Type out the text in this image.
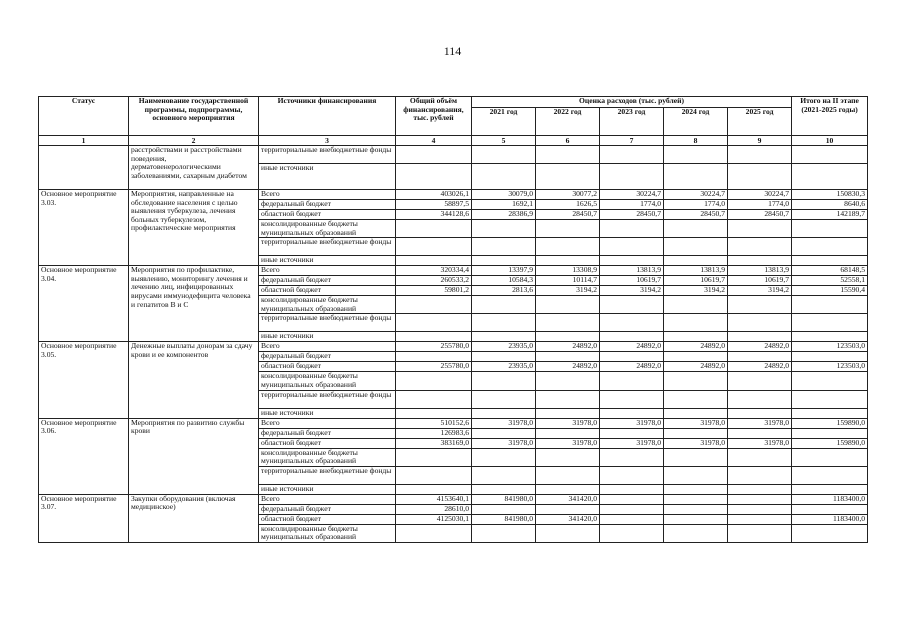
114
Статус	Наименование государственной программы, подпрограммы, основного мероприятия	Источники финансирования	Общий объём финансирования, тыс. рублей	Оценка расходов (тыс. рублей)					Итого на II этапе (2021-2025 годы)
				2021 год	2022 год	2023 год	2024 год	2025 год	
1	2	3	4	5	6	7	8	9	10
	расстройствами и расстройствами поведения, дерматовенерологическими заболеваниями, сахарным диабетом	территориальные внебюджетные фонды							
		иные источники							
Основное мероприятие 3.03.	Мероприятия, направленные на обследование населения с целью выявления туберкулеза, лечения больных туберкулезом, профилактические мероприятия	Всего	403026,1	30079,0	30077,2	30224,7	30224,7	30224,7	150830,3
		федеральный бюджет	58897,5	1692,1	1626,5	1774,0	1774,0	1774,0	8640,6
		областной бюджет	344128,6	28386,9	28450,7	28450,7	28450,7	28450,7	142189,7
		консолидированные бюджеты муниципальных образований							
		территориальные внебюджетные фонды							
		иные источники							
Основное мероприятие 3.04.	Мероприятия по профилактике, выявлению, мониторингу лечения и лечению лиц, инфицированных вирусами иммунодефицита человека и гепатитов В и С	Всего	320334,4	13397,9	13308,9	13813,9	13813,9	13813,9	68148,5
		федеральный бюджет	260533,2	10584,3	10114,7	10619,7	10619,7	10619,7	52558,1
		областной бюджет	59801,2	2813,6	3194,2	3194,2	3194,2	3194,2	15590,4
		консолидированные бюджеты муниципальных образований							
		территориальные внебюджетные фонды							
		иные источники							
Основное мероприятие 3.05.	Денежные выплаты донорам за сдачу крови и ее компонентов	Всего	255780,0	23935,0	24892,0	24892,0	24892,0	24892,0	123503,0
		федеральный бюджет							
		областной бюджет	255780,0	23935,0	24892,0	24892,0	24892,0	24892,0	123503,0
		консолидированные бюджеты муниципальных образований							
		территориальные внебюджетные фонды							
		иные источники							
Основное мероприятие 3.06.	Мероприятия по развитию службы крови	Всего	510152,6	31978,0	31978,0	31978,0	31978,0	31978,0	159890,0
		федеральный бюджет	126983,6						
		областной бюджет	383169,0	31978,0	31978,0	31978,0	31978,0	31978,0	159890,0
		консолидированные бюджеты муниципальных образований							
		территориальные внебюджетные фонды							
		иные источники							
Основное мероприятие 3.07.	Закупки оборудования (включая медицинское)	Всего	4153640,1	841980,0	341420,0				1183400,0
		федеральный бюджет	28610,0						
		областной бюджет	4125030,1	841980,0	341420,0				1183400,0
		консолидированные бюджеты муниципальных образований							
